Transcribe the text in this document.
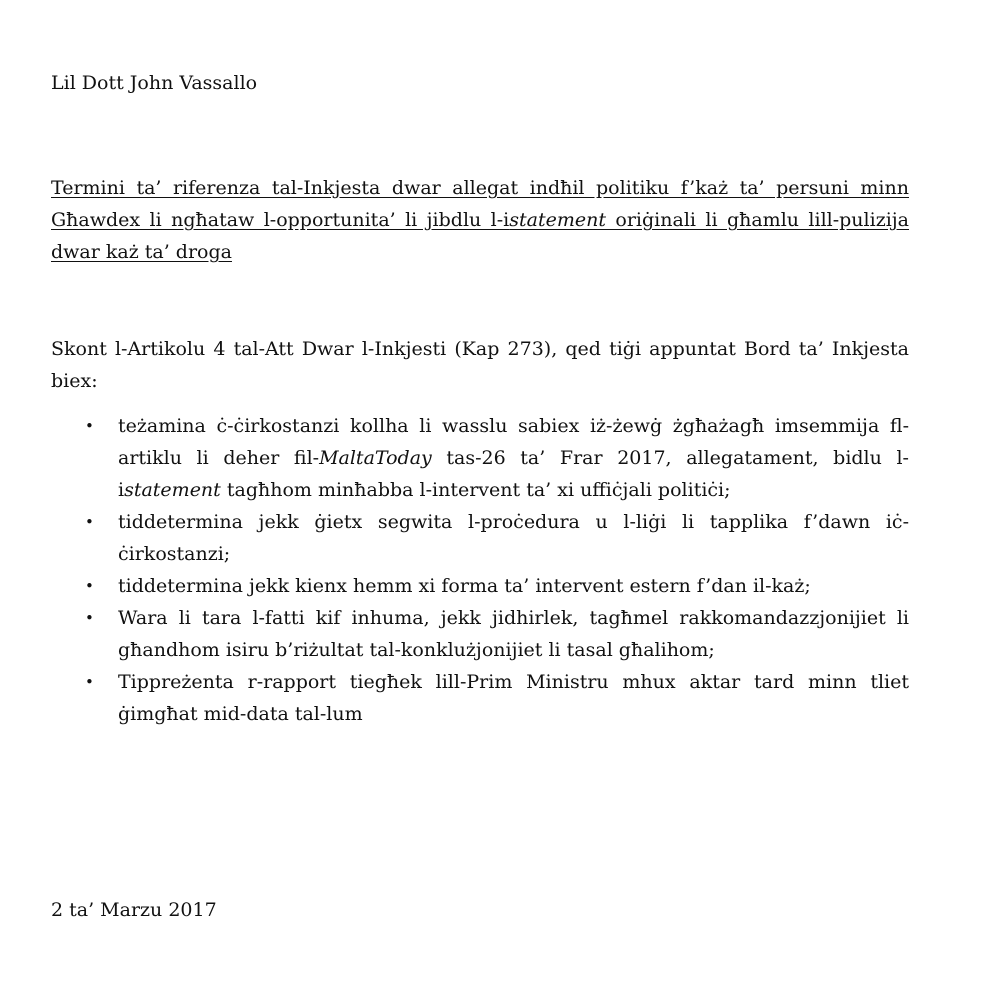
Lil Dott John Vassallo

Termini ta’ riferenza tal-Inkjesta dwar allegat indħil politiku f’każ ta’ persuni minn Għawdex li ngħataw l-opportunita’ li jibdlu l-istatement oriġinali li għamlu lill-pulizija dwar każ ta’ droga

Skont l-Artikolu 4 tal-Att Dwar l-Inkjesti (Kap 273), qed tiġi appuntat Bord ta’ Inkjesta biex:

• teżamina ċ-ċirkostanzi kollha li wasslu sabiex iż-żewġ żgħażagħ imsemmija fl-artiklu li deher fil-MaltaToday tas-26 ta’ Frar 2017, allegatament, bidlu l-istatement tagħhom minħabba l-intervent ta’ xi uffiċjali politiċi;
• tiddetermina jekk ġietx segwita l-proċedura u l-liġi li tapplika f’dawn iċ-ċirkostanzi;
• tiddetermina jekk kienx hemm xi forma ta’ intervent estern f’dan il-każ;
• Wara li tara l-fatti kif inhuma, jekk jidhirlek, tagħmel rakkomandazzjonijiet li għandhom isiru b’riżultat tal-konklużjonijiet li tasal għalihom;
• Tippreżenta r-rapport tiegħek lill-Prim Ministru mhux aktar tard minn tliet ġimgħat mid-data tal-lum

2 ta’ Marzu 2017
